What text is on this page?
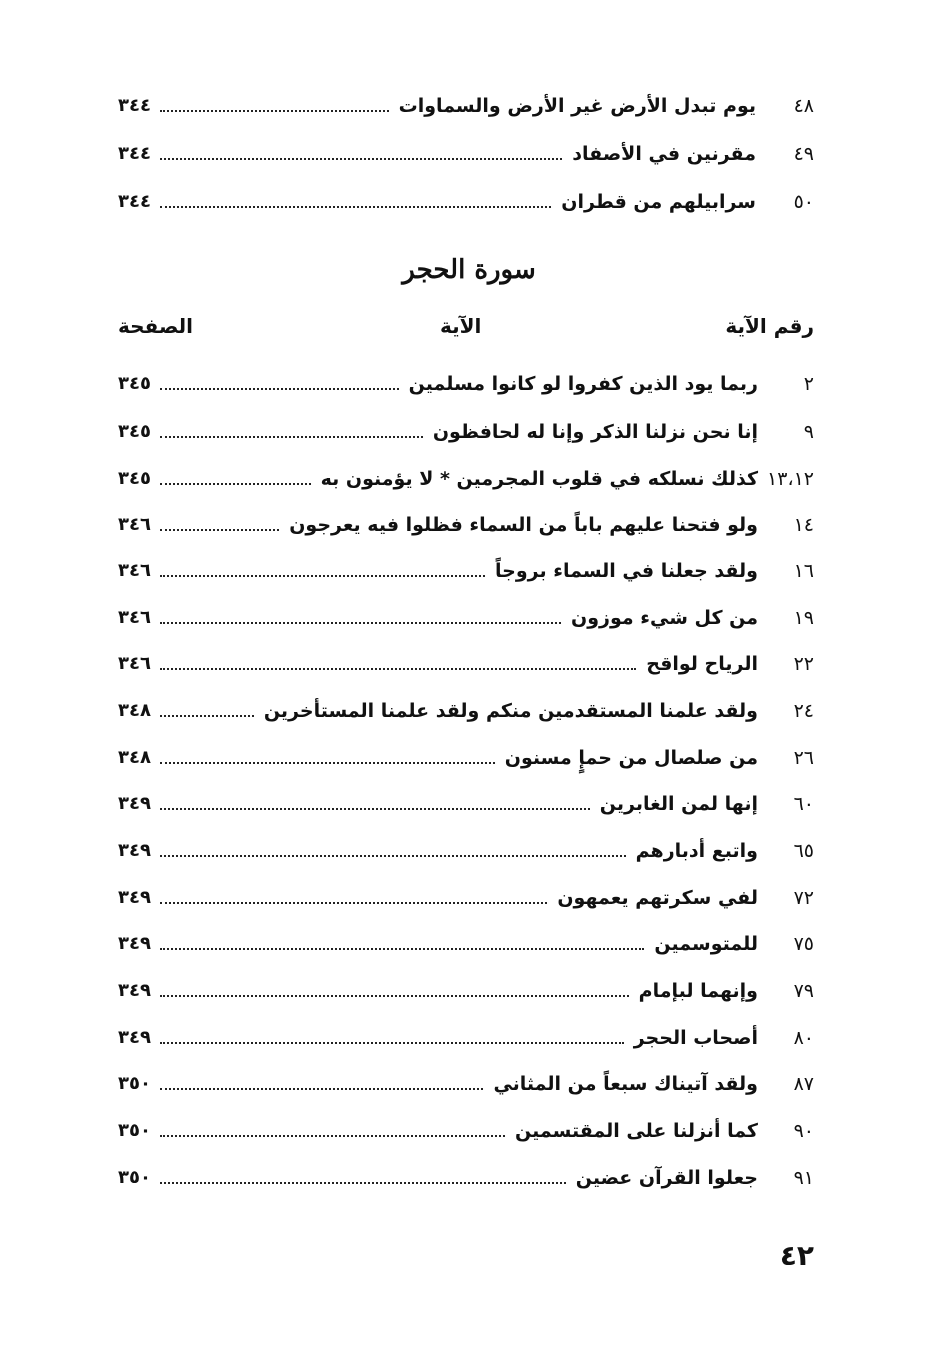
٤٨
يوم تبدل الأرض غير الأرض والسماوات
٣٤٤
٤٩
مقرنين في الأصفاد
٣٤٤
٥٠
سرابيلهم من قطران
٣٤٤
سورة الحجر
رقم الآية
الآية
الصفحة
٢
ربما يود الذين كفروا لو كانوا مسلمين
٣٤٥
٩
إنا نحن نزلنا الذكر وإنا له لحافظون
٣٤٥
١٣،١٢
كذلك نسلكه في قلوب المجرمين * لا يؤمنون به
٣٤٥
١٤
ولو فتحنا عليهم باباً من السماء فظلوا فيه يعرجون
٣٤٦
١٦
ولقد جعلنا في السماء بروجاً
٣٤٦
١٩
من كل شيء موزون
٣٤٦
٢٢
الرياح لواقح
٣٤٦
٢٤
ولقد علمنا المستقدمين منكم ولقد علمنا المستأخرين
٣٤٨
٢٦
من صلصال من حمإٍ مسنون
٣٤٨
٦٠
إنها لمن الغابرين
٣٤٩
٦٥
واتبع أدبارهم
٣٤٩
٧٢
لفي سكرتهم يعمهون
٣٤٩
٧٥
للمتوسمين
٣٤٩
٧٩
وإنهما لبإمام
٣٤٩
٨٠
أصحاب الحجر
٣٤٩
٨٧
ولقد آتيناك سبعاً من المثاني
٣٥٠
٩٠
كما أنزلنا على المقتسمين
٣٥٠
٩١
جعلوا القرآن عضين
٣٥٠
٤٢
